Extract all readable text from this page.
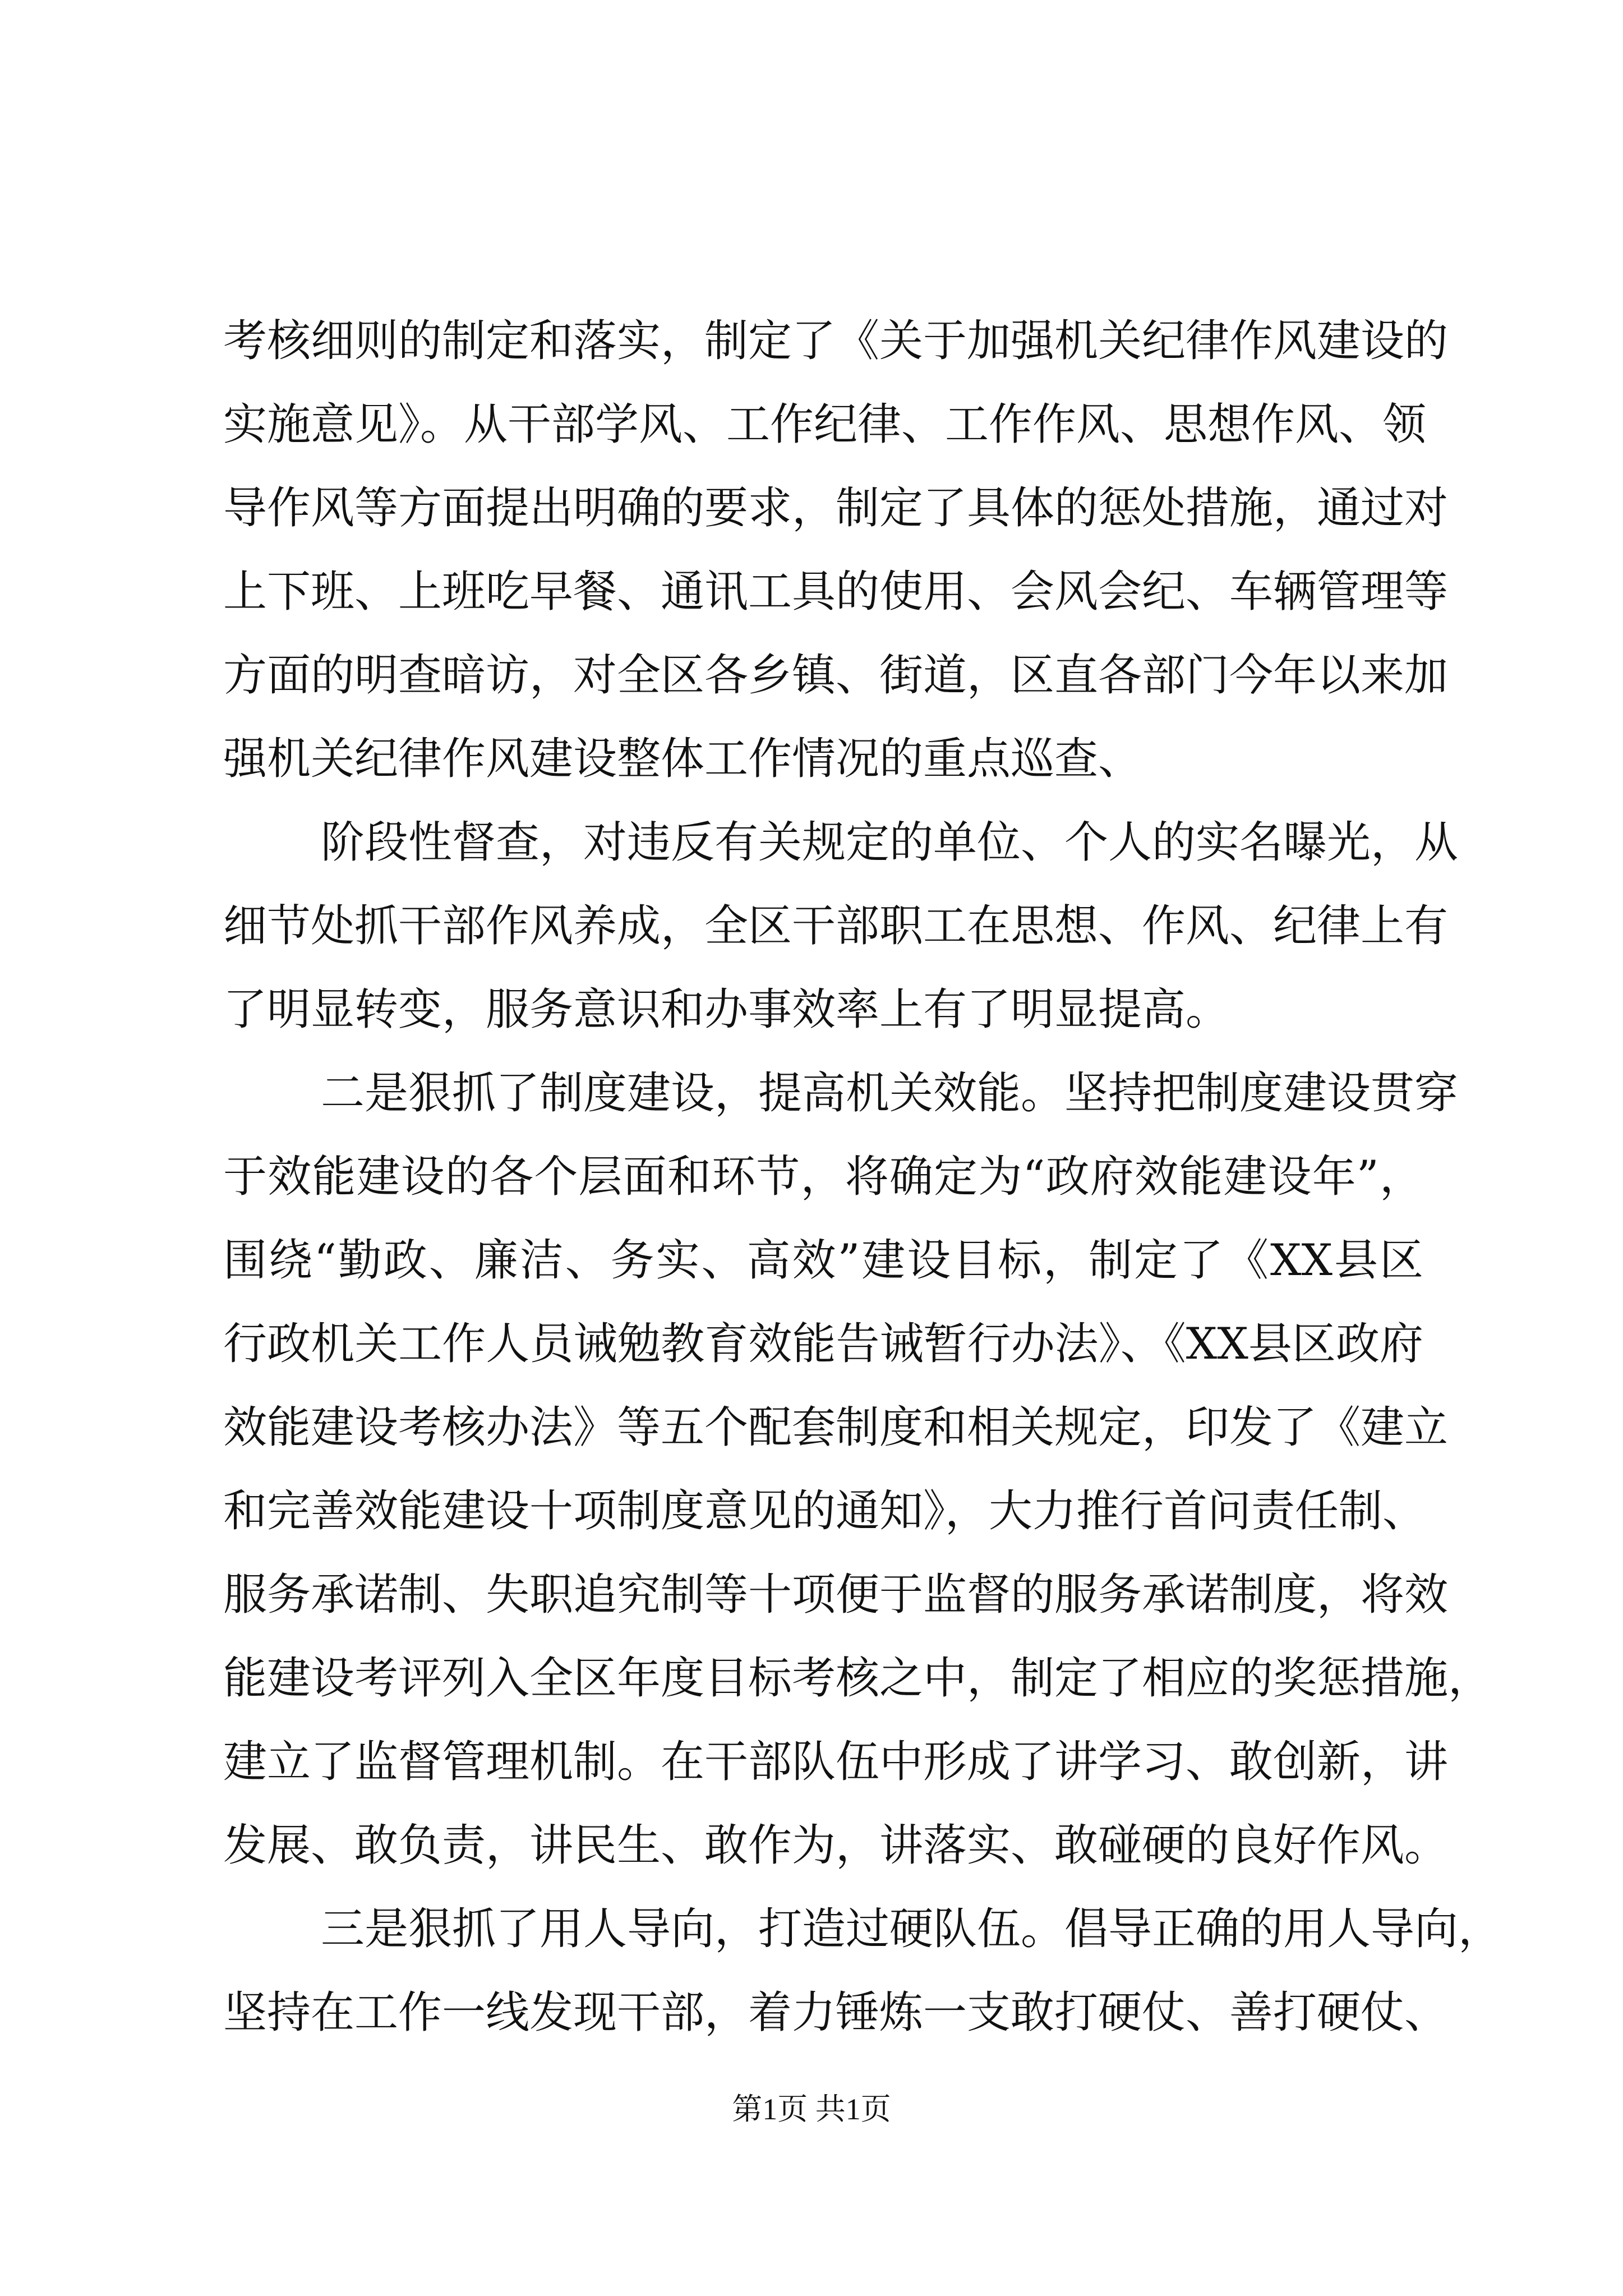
考核细则的制定和落实，制定了《关于加强机关纪律作风建设的
实施意见》。从干部学风、工作纪律、工作作风、思想作风、领
导作风等方面提出明确的要求，制定了具体的惩处措施，通过对
上下班、上班吃早餐、通讯工具的使用、会风会纪、车辆管理等
方面的明查暗访，对全区各乡镇、街道，区直各部门今年以来加
强机关纪律作风建设整体工作情况的重点巡查、
阶段性督查，对违反有关规定的单位、个人的实名曝光，从
细节处抓干部作风养成，全区干部职工在思想、作风、纪律上有
了明显转变，服务意识和办事效率上有了明显提高。
二是狠抓了制度建设，提高机关效能。坚持把制度建设贯穿
于效能建设的各个层面和环节，将确定为“政府效能建设年”，
围绕“勤政、廉洁、务实、高效”建设目标，制定了《XX县区
行政机关工作人员诫勉教育效能告诫暂行办法》、《XX县区政府
效能建设考核办法》等五个配套制度和相关规定，印发了《建立
和完善效能建设十项制度意见的通知》，大力推行首问责任制、
服务承诺制、失职追究制等十项便于监督的服务承诺制度，将效
能建设考评列入全区年度目标考核之中，制定了相应的奖惩措施，
建立了监督管理机制。在干部队伍中形成了讲学习、敢创新，讲
发展、敢负责，讲民生、敢作为，讲落实、敢碰硬的良好作风。
三是狠抓了用人导向，打造过硬队伍。倡导正确的用人导向，
坚持在工作一线发现干部，着力锤炼一支敢打硬仗、善打硬仗、
第1页 共1页
